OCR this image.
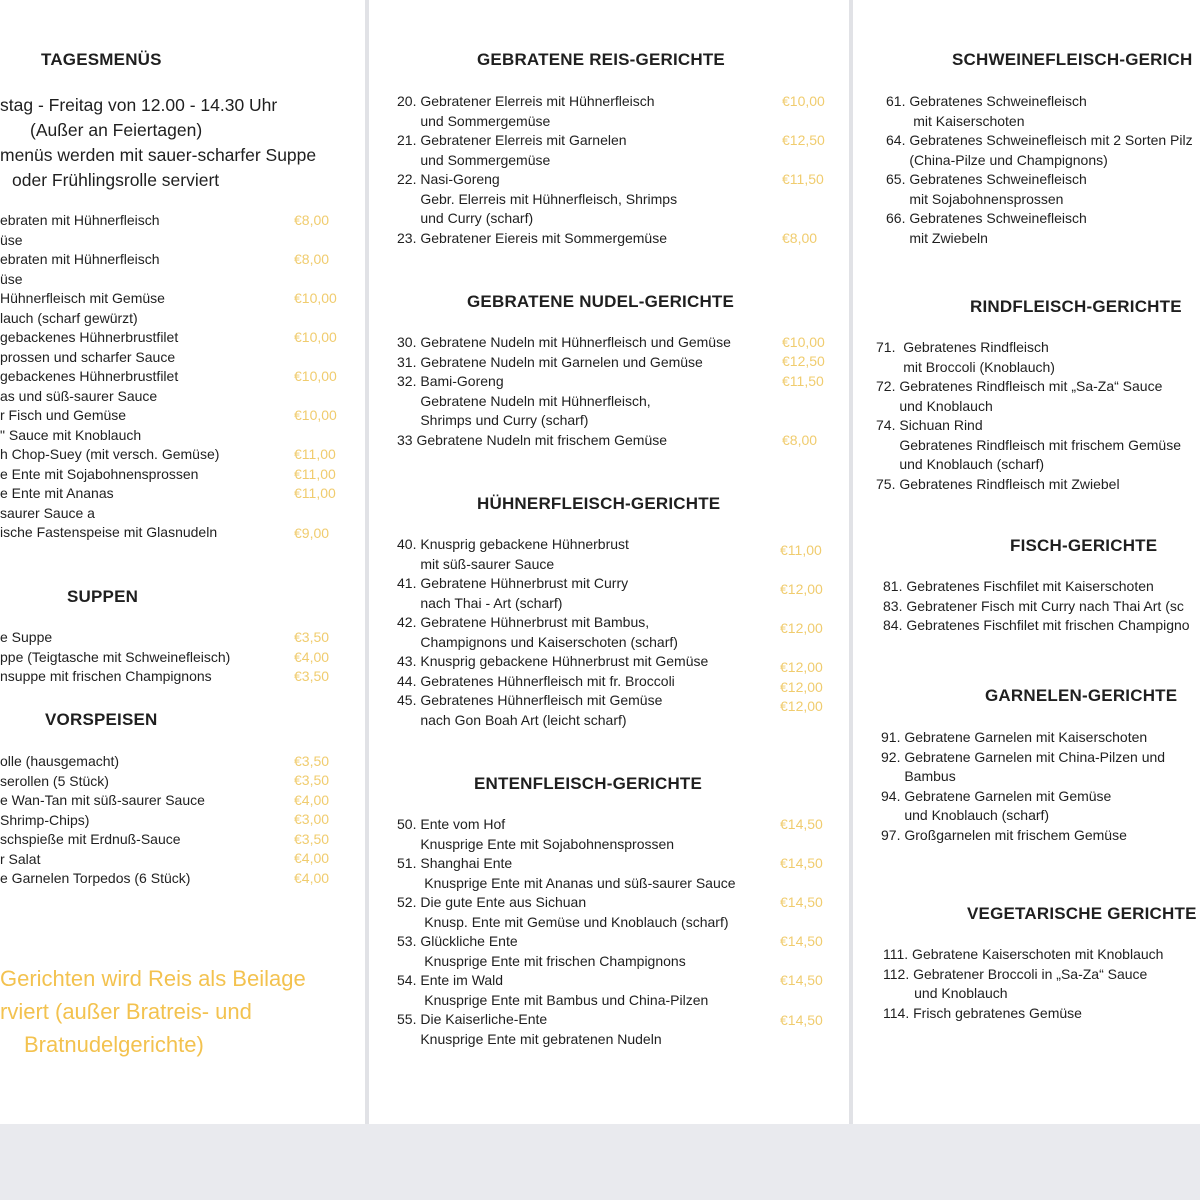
TAGESMENÜS
stag - Freitag von 12.00 - 14.30 Uhr
(Außer an Feiertagen)
menüs werden mit sauer-scharfer Suppe
oder Frühlingsrolle serviert
ebraten mit Hühnerfleisch
üse
ebraten mit Hühnerfleisch
üse
Hühnerfleisch mit Gemüse
lauch (scharf gewürzt)
gebackenes Hühnerbrustfilet
prossen und scharfer Sauce
gebackenes Hühnerbrustfilet
as und süß-saurer Sauce
r Fisch und Gemüse
" Sauce mit Knoblauch
h Chop-Suey (mit versch. Gemüse)
e Ente mit Sojabohnensprossen
e Ente mit Ananas
saurer Sauce a
ische Fastenspeise mit Glasnudeln
€8,00
€8,00
€10,00
€10,00
€10,00
€10,00
€11,00
€11,00
€11,00
€9,00
SUPPEN
e Suppe
ppe (Teigtasche mit Schweinefleisch)
nsuppe mit frischen Champignons
€3,50
€4,00
€3,50
VORSPEISEN
olle (hausgemacht)
serollen (5 Stück)
e Wan-Tan mit süß-saurer Sauce
Shrimp-Chips)
schspieße mit Erdnuß-Sauce
r Salat
e Garnelen Torpedos (6 Stück)
€3,50
€3,50
€4,00
€3,00
€3,50
€4,00
€4,00
Gerichten wird Reis als Beilage
rviert (außer Bratreis- und
Bratnudelgerichte)
GEBRATENE REIS-GERICHTE
20. Gebratener Elerreis mit Hühnerfleisch
und Sommergemüse
21. Gebratener Elerreis mit Garnelen
und Sommergemüse
22. Nasi-Goreng
Gebr. Elerreis mit Hühnerfleisch, Shrimps
und Curry (scharf)
23. Gebratener Eiereis mit Sommergemüse
€10,00
€12,50
€11,50
€8,00
GEBRATENE NUDEL-GERICHTE
30. Gebratene Nudeln mit Hühnerfleisch und Gemüse
31. Gebratene Nudeln mit Garnelen und Gemüse
32. Bami-Goreng
Gebratene Nudeln mit Hühnerfleisch,
Shrimps und Curry (scharf)
33 Gebratene Nudeln mit frischem Gemüse
€10,00
€12,50
€11,50
€8,00
HÜHNERFLEISCH-GERICHTE
40. Knusprig gebackene Hühnerbrust
mit süß-saurer Sauce
41. Gebratene Hühnerbrust mit Curry
nach Thai - Art (scharf)
42. Gebratene Hühnerbrust mit Bambus,
Champignons und Kaiserschoten (scharf)
43. Knusprig gebackene Hühnerbrust mit Gemüse
44. Gebratenes Hühnerfleisch mit fr. Broccoli
45. Gebratenes Hühnerfleisch mit Gemüse
nach Gon Boah Art (leicht scharf)
€11,00
€12,00
€12,00
€12,00
€12,00
€12,00
ENTENFLEISCH-GERICHTE
50. Ente vom Hof
Knusprige Ente mit Sojabohnensprossen
51. Shanghai Ente
Knusprige Ente mit Ananas und süß-saurer Sauce
52. Die gute Ente aus Sichuan
Knusp. Ente mit Gemüse und Knoblauch (scharf)
53. Glückliche Ente
Knusprige Ente mit frischen Champignons
54. Ente im Wald
Knusprige Ente mit Bambus und China-Pilzen
55. Die Kaiserliche-Ente
Knusprige Ente mit gebratenen Nudeln
€14,50
€14,50
€14,50
€14,50
€14,50
€14,50
SCHWEINEFLEISCH-GERICH
61. Gebratenes Schweinefleisch
mit Kaiserschoten
64. Gebratenes Schweinefleisch mit 2 Sorten Pilz
(China-Pilze und Champignons)
65. Gebratenes Schweinefleisch
mit Sojabohnensprossen
66. Gebratenes Schweinefleisch
mit Zwiebeln
RINDFLEISCH-GERICHTE
71.  Gebratenes Rindfleisch
mit Broccoli (Knoblauch)
72. Gebratenes Rindfleisch mit „Sa-Za“ Sauce
und Knoblauch
74. Sichuan Rind
Gebratenes Rindfleisch mit frischem Gemüse
und Knoblauch (scharf)
75. Gebratenes Rindfleisch mit Zwiebel
FISCH-GERICHTE
81. Gebratenes Fischfilet mit Kaiserschoten
83. Gebratener Fisch mit Curry nach Thai Art (sc
84. Gebratenes Fischfilet mit frischen Champigno
GARNELEN-GERICHTE
91. Gebratene Garnelen mit Kaiserschoten
92. Gebratene Garnelen mit China-Pilzen und
Bambus
94. Gebratene Garnelen mit Gemüse
und Knoblauch (scharf)
97. Großgarnelen mit frischem Gemüse
VEGETARISCHE GERICHTE
111. Gebratene Kaiserschoten mit Knoblauch
112. Gebratener Broccoli in „Sa-Za“ Sauce
und Knoblauch
114. Frisch gebratenes Gemüse
